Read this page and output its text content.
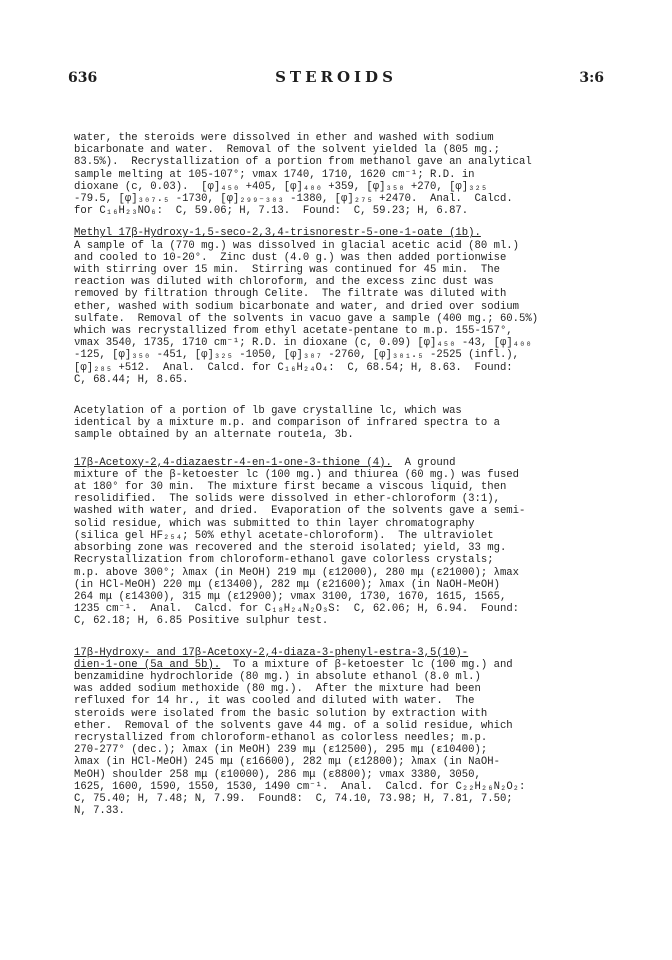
636	STEROIDS	3:6

water, the steroids were dissolved in ether and washed with sodium
bicarbonate and water.  Removal of the solvent yielded la (805 mg.;
83.5%).  Recrystallization of a portion from methanol gave an analytical
sample melting at 105-107°; νmax 1740, 1710, 1620 cm⁻¹; R.D. in
dioxane (c, 0.03).  [φ]₄₅₀ +405, [φ]₄₀₀ +359, [φ]₃₅₀ +270, [φ]₃₂₅
-79.5, [φ]₃₀₇.₅ -1730, [φ]₂₉₉₋₃₀₃ -1380, [φ]₂₇₅ +2470.  Anal.  Calcd.
for C₁₆H₂₃NO₆:  C, 59.06; H, 7.13.  Found:  C, 59.23; H, 6.87.

Methyl 17β-Hydroxy-1,5-seco-2,3,4-trisnorestr-5-one-1-oate (1b).
A sample of la (770 mg.) was dissolved in glacial acetic acid (80 ml.)
and cooled to 10-20°.  Zinc dust (4.0 g.) was then added portionwise
with stirring over 15 min.  Stirring was continued for 45 min.  The
reaction was diluted with chloroform, and the excess zinc dust was
removed by filtration through Celite.  The filtrate was diluted with
ether, washed with sodium bicarbonate and water, and dried over sodium
sulfate.  Removal of the solvents in vacuo gave a sample (400 mg.; 60.5%)
which was recrystallized from ethyl acetate-pentane to m.p. 155-157°,
νmax 3540, 1735, 1710 cm⁻¹; R.D. in dioxane (c, 0.09) [φ]₄₅₀ -43, [φ]₄₀₀
-125, [φ]₃₅₀ -451, [φ]₃₂₅ -1050, [φ]₃₀₇ -2760, [φ]₃₀₁.₅ -2525 (infl.),
[φ]₂₈₅ +512.  Anal.  Calcd. for C₁₆H₂₄O₄:  C, 68.54; H, 8.63.  Found:
C, 68.44; H, 8.65.

Acetylation of a portion of lb gave crystalline lc, which was
identical by a mixture m.p. and comparison of infrared spectra to a
sample obtained by an alternate route1a, 3b.

17β-Acetoxy-2,4-diazaestr-4-en-1-one-3-thione (4).  A ground
mixture of the β-ketoester lc (100 mg.) and thiurea (60 mg.) was fused
at 180° for 30 min.  The mixture first became a viscous liquid, then
resolidified.  The solids were dissolved in ether-chloroform (3:1),
washed with water, and dried.  Evaporation of the solvents gave a semi-
solid residue, which was submitted to thin layer chromatography
(silica gel HF₂₅₄; 50% ethyl acetate-chloroform).  The ultraviolet
absorbing zone was recovered and the steroid isolated; yield, 33 mg.
Recrystallization from chloroform-ethanol gave colorless crystals;
m.p. above 300°; λmax (in MeOH) 219 mμ (ε12000), 280 mμ (ε21000); λmax
(in HCl-MeOH) 220 mμ (ε13400), 282 mμ (ε21600); λmax (in NaOH-MeOH)
264 mμ (ε14300), 315 mμ (ε12900); νmax 3100, 1730, 1670, 1615, 1565,
1235 cm⁻¹.  Anal.  Calcd. for C₁₈H₂₄N₂O₃S:  C, 62.06; H, 6.94.  Found:
C, 62.18; H, 6.85 Positive sulphur test.

17β-Hydroxy- and 17β-Acetoxy-2,4-diaza-3-phenyl-estra-3,5(10)-
dien-1-one (5a and 5b).  To a mixture of β-ketoester lc (100 mg.) and
benzamidine hydrochloride (80 mg.) in absolute ethanol (8.0 ml.)
was added sodium methoxide (80 mg.).  After the mixture had been
refluxed for 14 hr., it was cooled and diluted with water.  The
steroids were isolated from the basic solution by extraction with
ether.  Removal of the solvents gave 44 mg. of a solid residue, which
recrystallized from chloroform-ethanol as colorless needles; m.p.
270-277° (dec.); λmax (in MeOH) 239 mμ (ε12500), 295 mμ (ε10400);
λmax (in HCl-MeOH) 245 mμ (ε16600), 282 mμ (ε12800); λmax (in NaOH-
MeOH) shoulder 258 mμ (ε10000), 286 mμ (ε8800); νmax 3380, 3050,
1625, 1600, 1590, 1550, 1530, 1490 cm⁻¹.  Anal.  Calcd. for C₂₂H₂₆N₂O₂:
C, 75.40; H, 7.48; N, 7.99.  Found8:  C, 74.10, 73.98; H, 7.81, 7.50;
N, 7.33.
